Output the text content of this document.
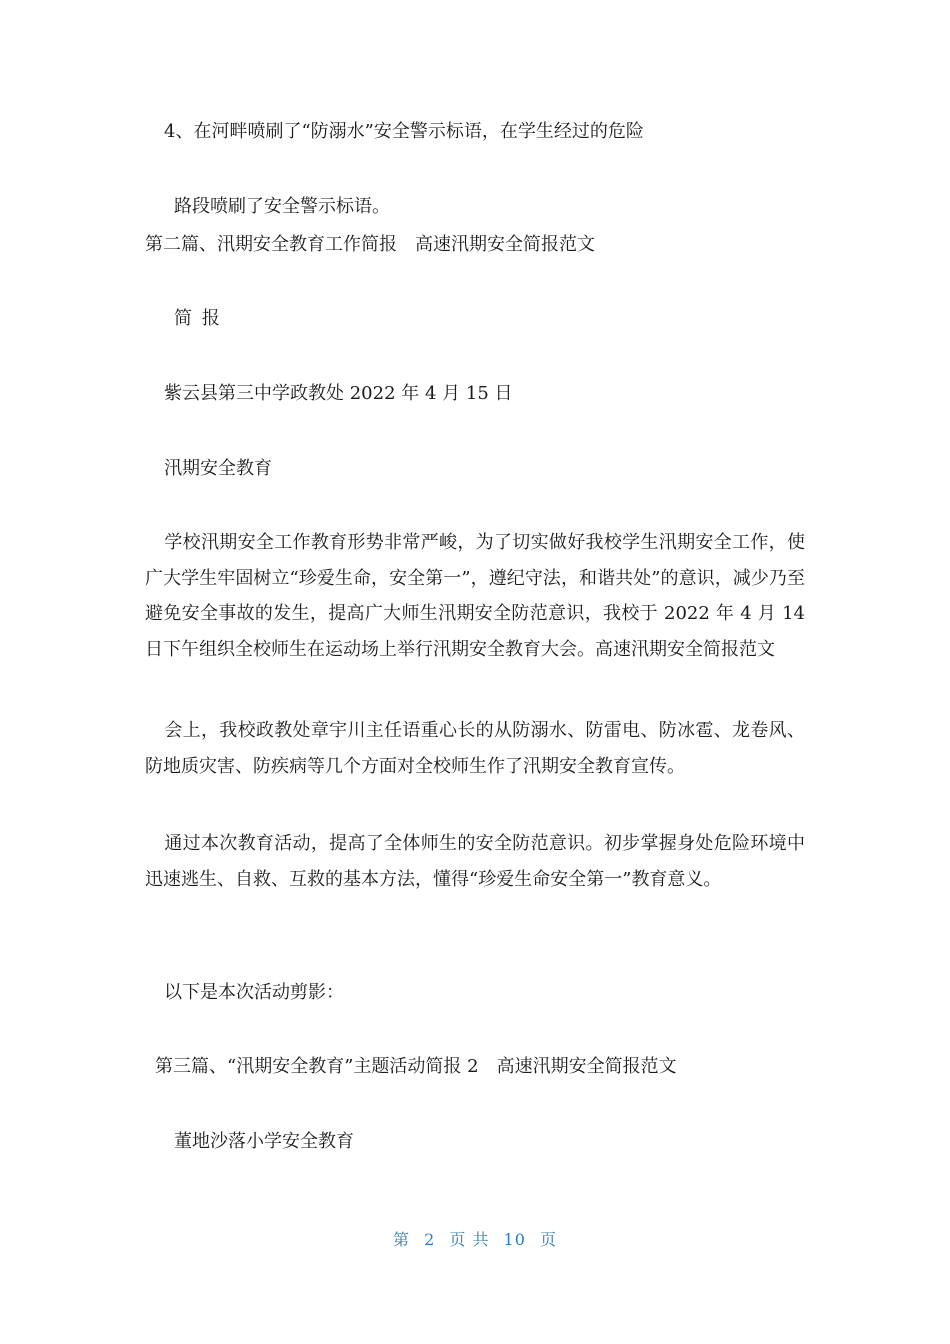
4、在河畔喷刷了“防溺水”安全警示标语，在学生经过的危险
路段喷刷了安全警示标语。
第二篇、汛期安全教育工作简报　高速汛期安全简报范文
简 报
紫云县第三中学政教处 2022 年 4 月 15 日
汛期安全教育

学校汛期安全工作教育形势非常严峻，为了切实做好我校学生汛期安全工作，使广大学生牢固树立“珍爱生命，安全第一”，遵纪守法，和谐共处”的意识，减少乃至避免安全事故的发生，提高广大师生汛期安全防范意识，我校于 2022 年 4 月 14 日下午组织全校师生在运动场上举行汛期安全教育大会。高速汛期安全简报范文

会上，我校政教处章宇川主任语重心长的从防溺水、防雷电、防冰雹、龙卷风、防地质灾害、防疾病等几个方面对全校师生作了汛期安全教育宣传。

通过本次教育活动，提高了全体师生的安全防范意识。初步掌握身处危险环境中迅速逃生、自救、互救的基本方法，懂得“珍爱生命安全第一”教育意义。

以下是本次活动剪影：
第三篇、“汛期安全教育”主题活动简报 2　高速汛期安全简报范文
董地沙落小学安全教育
第 2 页 共 10 页
